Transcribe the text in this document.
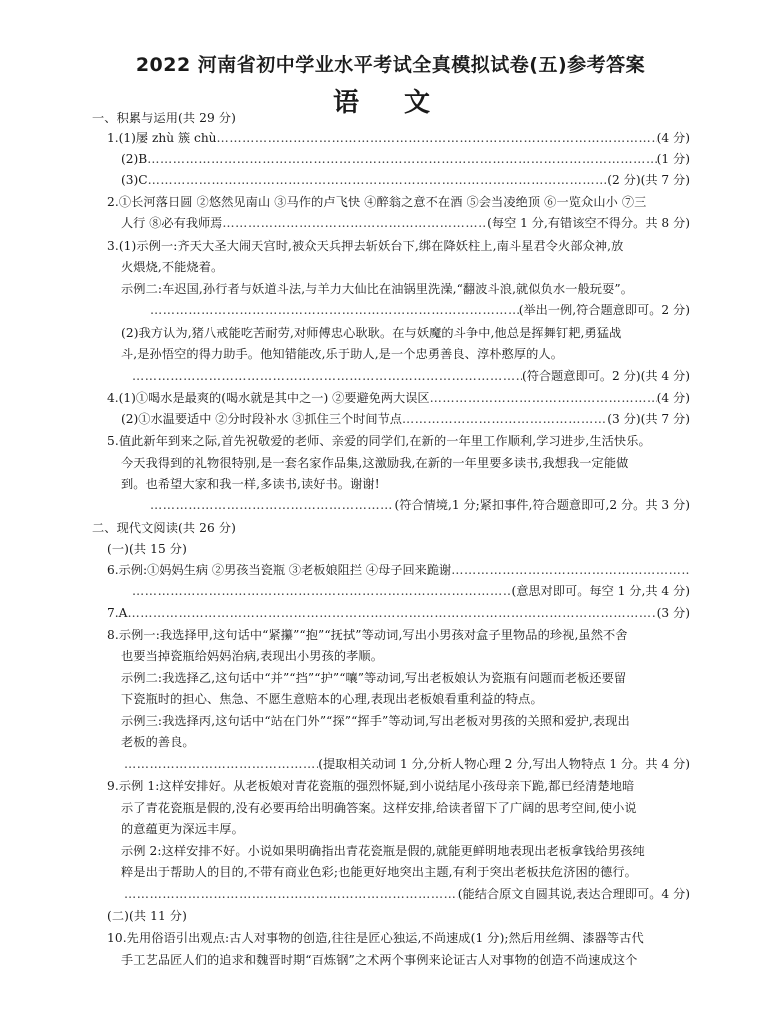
2022 河南省初中学业水平考试全真模拟试卷(五)参考答案
语 文
一、积累与运用(共 29 分)
1.(1)屡 zhù 簇 chù …………………………………………………………………………………………………………………………………………………………………………………………………………………………………	(4 分)
(2)B …………………………………………………………………………………………………………………………………………………………………………………………………………………………………	(1 分)
(3)C …………………………………………………………………………………………………………………………………………………………………………………………………………………………………	(2 分)(共 7 分)
2.①长河落日圆 ②悠然见南山 ③马作的卢飞快 ④醉翁之意不在酒 ⑤会当凌绝顶 ⑥一览众山小 ⑦三
人行 ⑧必有我师焉 …………………………………………………………………………………………………………………………………………………………………………………………………………………………………	(每空 1 分,有错该空不得分。共 8 分)
3.(1)示例一:齐天大圣大闹天宫时,被众天兵押去斩妖台下,绑在降妖柱上,南斗星君令火部众神,放
火煨烧,不能烧着。
示例二:车迟国,孙行者与妖道斗法,与羊力大仙比在油锅里洗澡,“翻波斗浪,就似负水一般玩耍”。
…………………………………………………………………………………………………………………………………………………………………………………………………………………………………
(举出一例,符合题意即可。2 分)
(2)我方认为,猪八戒能吃苦耐劳,对师傅忠心耿耿。在与妖魔的斗争中,他总是挥舞钉耙,勇猛战
斗,是孙悟空的得力助手。他知错能改,乐于助人,是一个忠勇善良、淳朴憨厚的人。
…………………………………………………………………………………………………………………………………………………………………………………………………………………………………
(符合题意即可。2 分)(共 4 分)
4.(1)①喝水是最爽的(喝水就是其中之一) ②要避免两大误区 …………………………………………………………………………………………………………………………………………………………………………………………………………………………………	(4 分)
(2)①水温要适中 ②分时段补水 ③抓住三个时间节点 …………………………………………………………………………………………………………………………………………………………………………………………………………………………………	(3 分)(共 7 分)
5.值此新年到来之际,首先祝敬爱的老师、亲爱的同学们,在新的一年里工作顺利,学习进步,生活快乐。
今天我得到的礼物很特别,是一套名家作品集,这激励我,在新的一年里要多读书,我想我一定能做
到。也希望大家和我一样,多读书,读好书。谢谢!
…………………………………………………………………………………………………………………………………………………………………………………………………………………………………
(符合情境,1 分;紧扣事件,符合题意即可,2 分。共 3 分)
二、现代文阅读(共 26 分)
(一)(共 15 分)
6.示例:①妈妈生病 ②男孩当瓷瓶 ③老板娘阻拦 ④母子回来跪谢
…………………………………………………………………………………………………………………………………………………………………………………………………………………………………
…………………………………………………………………………………………………………………………………………………………………………………………………………………………………
(意思对即可。每空 1 分,共 4 分)
7.A …………………………………………………………………………………………………………………………………………………………………………………………………………………………………	(3 分)
8.示例一:我选择甲,这句话中“紧攥”“抱”“抚拭”等动词,写出小男孩对盒子里物品的珍视,虽然不舍
也要当掉瓷瓶给妈妈治病,表现出小男孩的孝顺。
示例二:我选择乙,这句话中“并”“挡”“护”“嚷”等动词,写出老板娘认为瓷瓶有问题而老板还要留
下瓷瓶时的担心、焦急、不愿生意赔本的心理,表现出老板娘看重利益的特点。
示例三:我选择丙,这句话中“站在门外”“探”“挥手”等动词,写出老板对男孩的关照和爱护,表现出
老板的善良。
…………………………………………………………………………………………………………………………………………………………………………………………………………………………………
(提取相关动词 1 分,分析人物心理 2 分,写出人物特点 1 分。共 4 分)
9.示例 1:这样安排好。从老板娘对青花瓷瓶的强烈怀疑,到小说结尾小孩母亲下跪,都已经清楚地暗
示了青花瓷瓶是假的,没有必要再给出明确答案。这样安排,给读者留下了广阔的思考空间,使小说
的意蕴更为深远丰厚。
示例 2:这样安排不好。小说如果明确指出青花瓷瓶是假的,就能更鲜明地表现出老板拿钱给男孩纯
粹是出于帮助人的目的,不带有商业色彩;也能更好地突出主题,有利于突出老板扶危济困的德行。
…………………………………………………………………………………………………………………………………………………………………………………………………………………………………
(能结合原文自圆其说,表达合理即可。4 分)
(二)(共 11 分)
10.先用俗语引出观点:古人对事物的创造,往往是匠心独运,不尚速成(1 分);然后用丝绸、漆器等古代
手工艺品匠人们的追求和魏晋时期“百炼钢”之术两个事例来论证古人对事物的创造不尚速成这个
